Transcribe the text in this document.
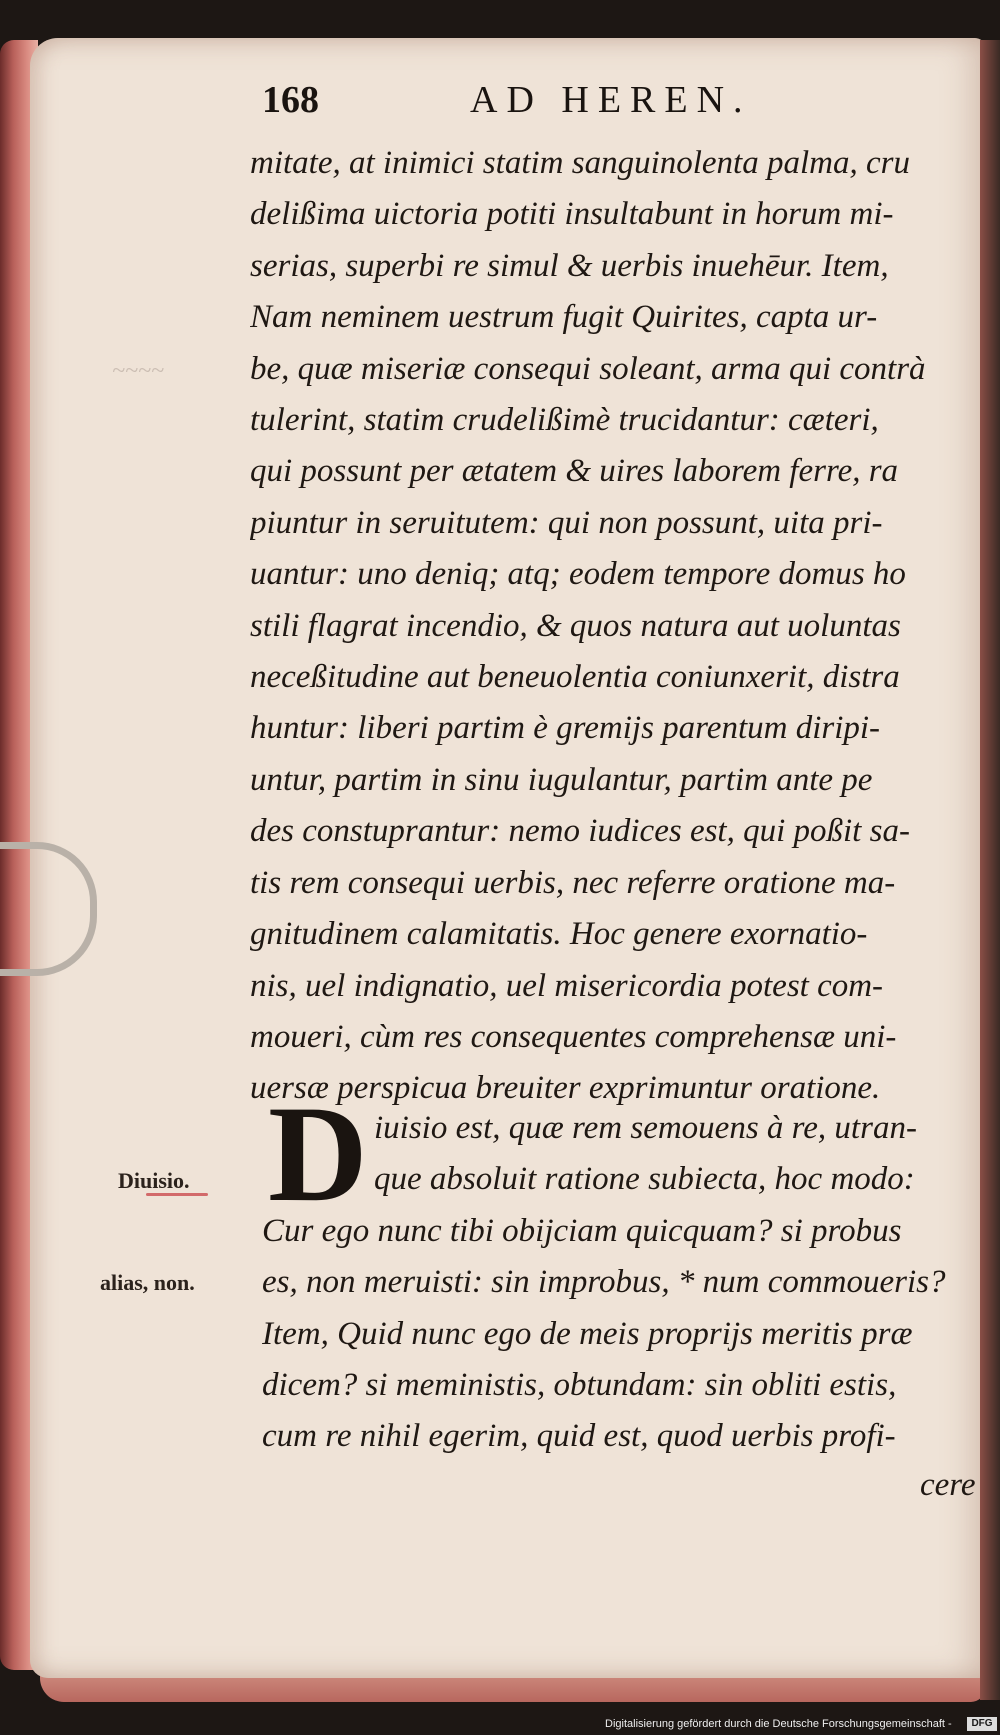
168	AD HEREN.
~~~~
mitate, at inimici statim sanguinolenta palma, cru
delißima uictoria potiti insultabunt in horum mi-
serias, superbi re simul & uerbis inuehēur. Item,
Nam neminem uestrum fugit Quirites, capta ur-
be, quæ miseriæ consequi soleant, arma qui contrà
tulerint, statim crudelißimè trucidantur: cæteri,
qui possunt per ætatem & uires laborem ferre, ra
piuntur in seruitutem: qui non possunt, uita pri-
uantur: uno deniq; atq; eodem tempore domus ho
stili flagrat incendio, & quos natura aut uoluntas
neceßitudine aut beneuolentia coniunxerit, distra
huntur: liberi partim è gremijs parentum diripi-
untur, partim in sinu iugulantur, partim ante pe
des constuprantur: nemo iudices est, qui poßit sa-
tis rem consequi uerbis, nec referre oratione ma-
gnitudinem calamitatis. Hoc genere exornatio-
nis, uel indignatio, uel misericordia potest com-
moueri, cùm res consequentes comprehensæ uni-
uersæ perspicua breuiter exprimuntur oratione.
Diuisio.
alias, non.
D iuisio est, quæ rem semouens à re, utran-
que absoluit ratione subiecta, hoc modo:
Cur ego nunc tibi obijciam quicquam? si probus
es, non meruisti: sin improbus, * num commoueris?
Item, Quid nunc ego de meis proprijs meritis præ
dicem? si meministis, obtundam: sin obliti estis,
cum re nihil egerim, quid est, quod uerbis profi-
cere
Digitalisierung gefördert durch die Deutsche Forschungsgemeinschaft -	DFG
